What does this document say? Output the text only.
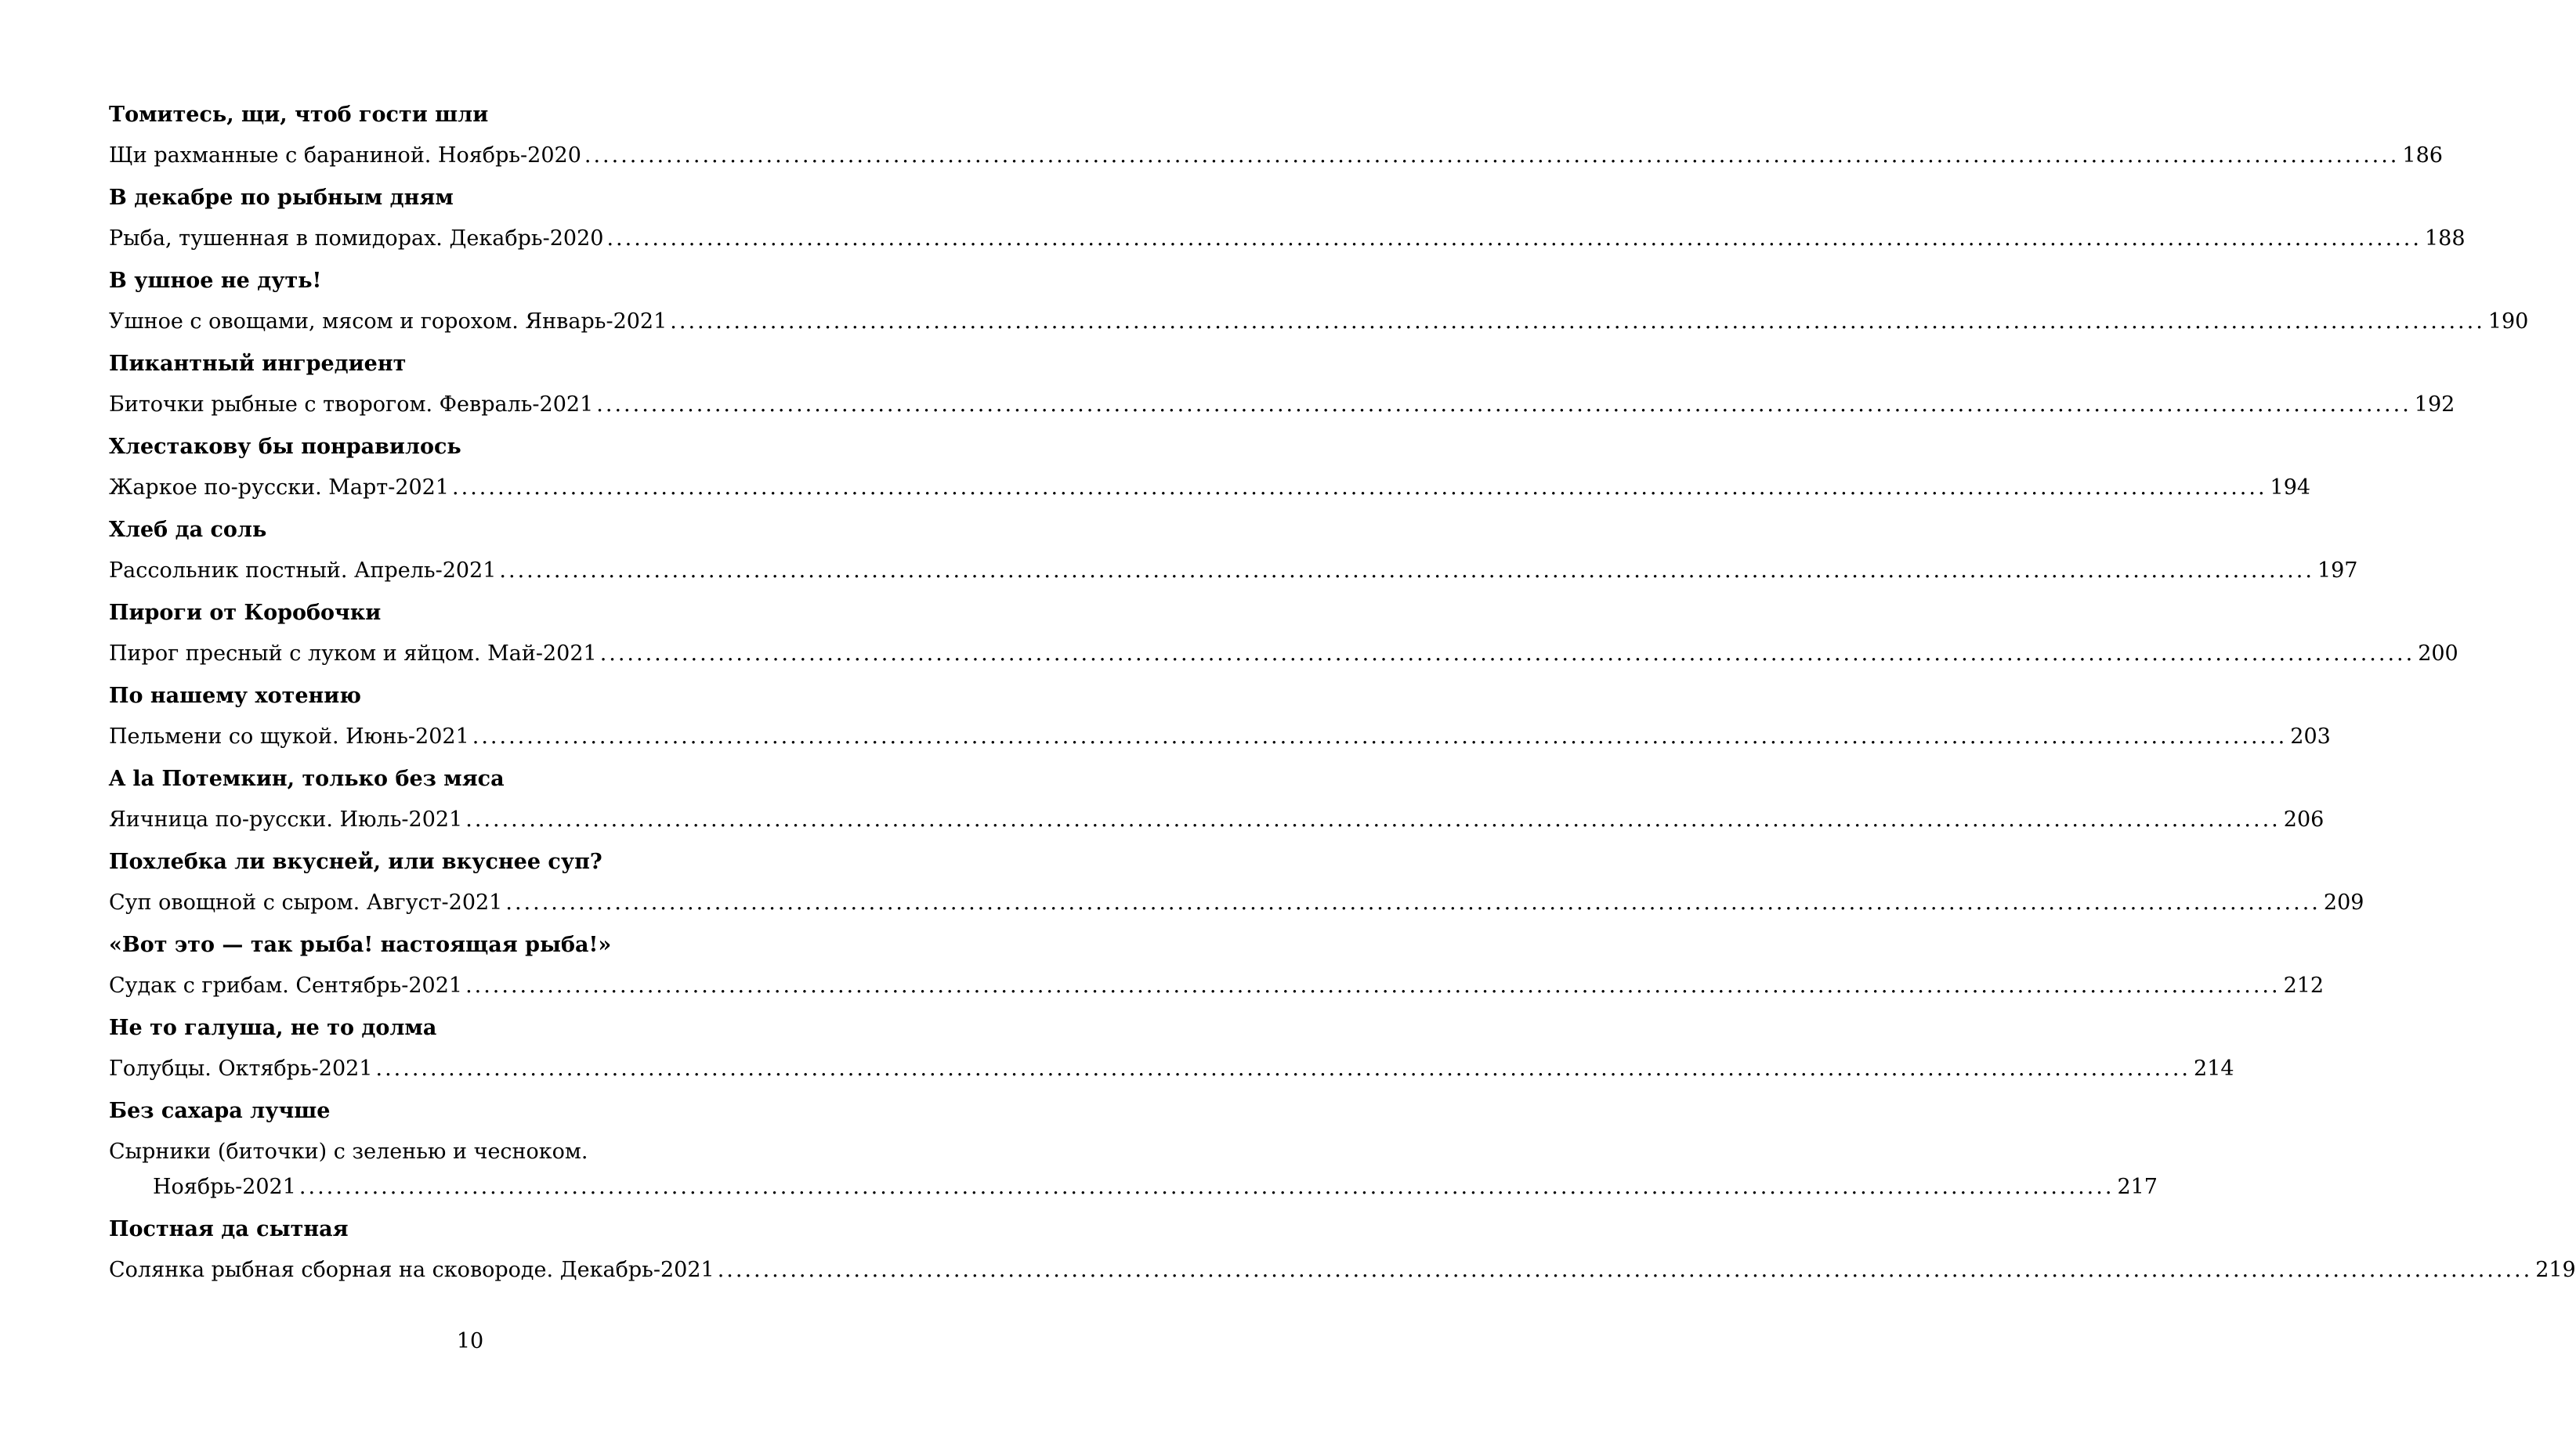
Томитесь, щи, чтоб гости шли
Щи рахманные с бараниной. Ноябрь-2020 ........................................................................................................................................................................................................ 186
В декабре по рыбным дням
Рыба, тушенная в помидорах. Декабрь-2020 ........................................................................................................................................................................................................ 188
В ушное не дуть!
Ушное с овощами, мясом и горохом. Январь-2021 ........................................................................................................................................................................................................ 190
Пикантный ингредиент
Биточки рыбные с творогом. Февраль-2021 ........................................................................................................................................................................................................ 192
Хлестакову бы понравилось
Жаркое по-русски. Март-2021 ........................................................................................................................................................................................................ 194
Хлеб да соль
Рассольник постный. Апрель-2021 ........................................................................................................................................................................................................ 197
Пироги от Коробочки
Пирог пресный с луком и яйцом. Май-2021 ........................................................................................................................................................................................................ 200
По нашему хотению
Пельмени со щукой. Июнь-2021 ........................................................................................................................................................................................................ 203
A la Потемкин, только без мяса
Яичница по-русски. Июль-2021 ........................................................................................................................................................................................................ 206
Похлебка ли вкусней, или вкуснее суп?
Суп овощной с сыром. Август-2021 ........................................................................................................................................................................................................ 209
«Вот это — так рыба! настоящая рыба!»
Судак с грибам. Сентябрь-2021 ........................................................................................................................................................................................................ 212
Не то галуша, не то долма
Голубцы. Октябрь-2021 ........................................................................................................................................................................................................ 214
Без сахара лучше
Сырники (биточки) с зеленью и чесноком.
Ноябрь-2021 ........................................................................................................................................................................................................ 217
Постная да сытная
Солянка рыбная сборная на сковороде. Декабрь-2021 ........................................................................................................................................................................................................ 219
10
